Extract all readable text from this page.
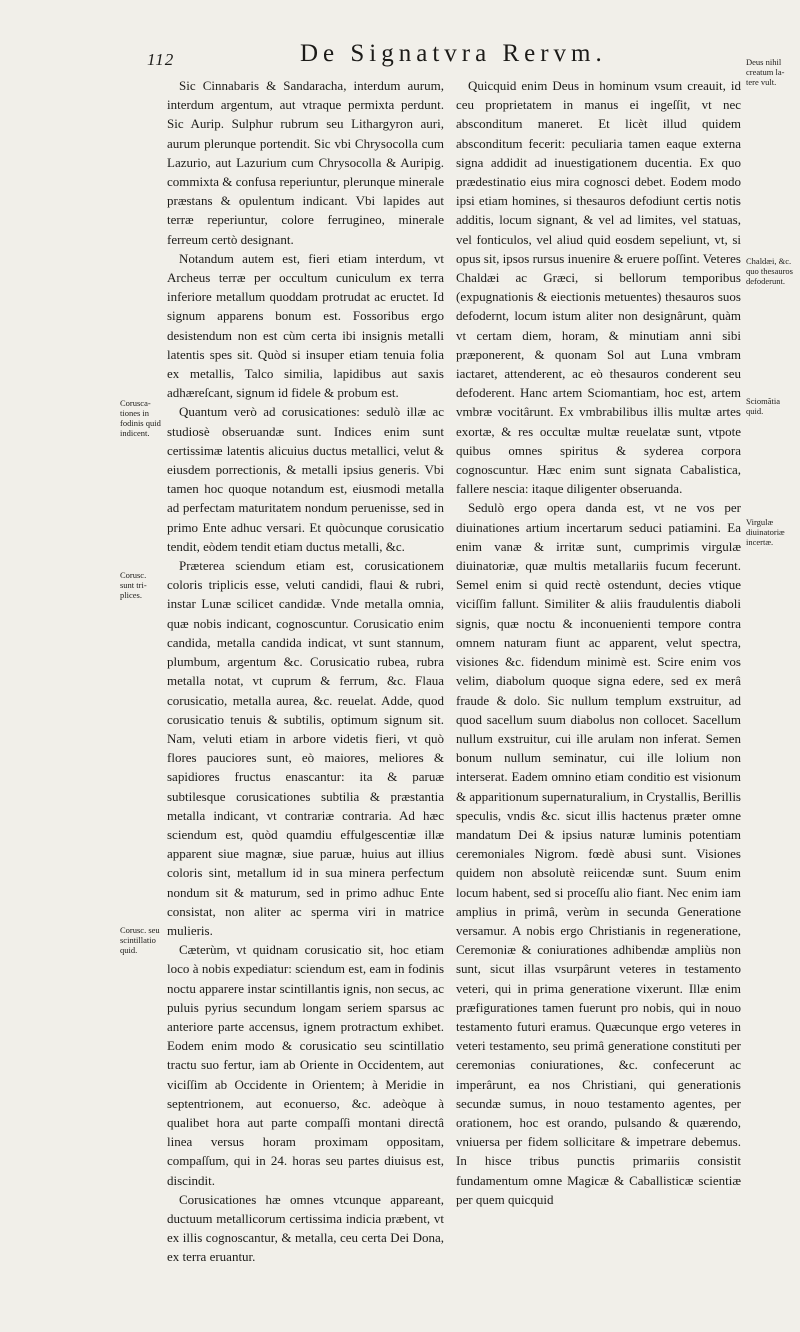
112	De Signatvra Rervm.

Sic Cinnabaris & Sandaracha, interdum aurum, interdum argentum, aut vtraque permixta perdunt. Sic Aurip. Sulphur rubrum seu Lithargyron auri, aurum plerunque portendit. Sic vbi Chrysocolla cum Lazurio, aut Lazurium cum Chrysocolla & Auripig. commixta & confusa reperiuntur, plerunque minerale præstans & opulentum indicant. Vbi lapides aut terræ reperiuntur, colore ferrugineo, minerale ferreum certò designant.

Notandum autem est, fieri etiam interdum, vt Archeus terræ per occultum cuniculum ex terra inferiore metallum quoddam protrudat ac eructet. Id signum apparens bonum est. Fossoribus ergo desistendum non est cùm certa ibi insignis metalli latentis spes sit. Quòd si insuper etiam tenuia folia ex metallis, Talco similia, lapidibus aut saxis adhæreſcant, signum id fidele & probum est.

Quantum verò ad corusicationes: sedulò illæ ac studiosè obseruandæ sunt. Indices enim sunt certissimæ latentis alicuius ductus metallici, velut & eiusdem porrectionis, & metalli ipsius generis. Vbi tamen hoc quoque notandum est, eiusmodi metalla ad perfectam maturitatem nondum peruenisse, sed in primo Ente adhuc versari. Et quòcunque corusicatio tendit, eòdem tendit etiam ductus metalli, &c.

Præterea sciendum etiam est, corusicationem coloris triplicis esse, veluti candidi, flaui & rubri, instar Lunæ scilicet candidæ. Vnde metalla omnia, quæ nobis indicant, cognoscuntur. Corusicatio enim candida, metalla candida indicat, vt sunt stannum, plumbum, argentum &c. Corusicatio rubea, rubra metalla notat, vt cuprum & ferrum, &c. Flaua corusicatio, metalla aurea, &c. reuelat. Adde, quod corusicatio tenuis & subtilis, optimum signum sit. Nam, veluti etiam in arbore videtis fieri, vt quò flores pauciores sunt, eò maiores, meliores & sapidiores fructus enascantur: ita & paruæ subtilesque corusicationes subtilia & præstantia metalla indicant, vt contrariæ contraria. Ad hæc sciendum est, quòd quamdiu effulgescentiæ illæ apparent siue magnæ, siue paruæ, huius aut illius coloris sint, metallum id in sua minera perfectum nondum sit & maturum, sed in primo adhuc Ente consistat, non aliter ac sperma viri in matrice mulieris.

Cæterùm, vt quidnam corusicatio sit, hoc etiam loco à nobis expediatur: sciendum est, eam in fodinis noctu apparere instar scintillantis ignis, non secus, ac puluis pyrius secundum longam seriem sparsus ac anteriore parte accensus, ignem protractum exhibet. Eodem enim modo & corusicatio seu scintillatio tractu suo fertur, iam ab Oriente in Occidentem, aut viciſſim ab Occidente in Orientem; à Meridie in septentrionem, aut econuerso, &c. adeòque à qualibet hora aut parte compaſſi montani directâ linea versus horam proximam oppositam, compaſſum, qui in 24. horas seu partes diuisus est, discindit.

Corusicationes hæ omnes vtcunque appareant, ductuum metallicorum certissima indicia præbent, vt ex illis cognoscantur, & metalla, ceu certa Dei Dona, ex terra eruantur.

Quicquid enim Deus in hominum vsum creauit, id ceu proprietatem in manus ei ingeſſit, vt nec absconditum maneret. Et licèt illud quidem absconditum fecerit: peculiaria tamen eaque externa signa addidit ad inuestigationem ducentia. Ex quo prædestinatio eius mira cognosci debet. Eodem modo ipsi etiam homines, si thesauros defodiunt certis notis additis, locum signant, & vel ad limites, vel statuas, vel fonticulos, vel aliud quid eosdem sepeliunt, vt, si opus sit, ipsos rursus inuenire & eruere poſſint. Veteres Chaldæi ac Græci, si bellorum temporibus (expugnationis & eiectionis metuentes) thesauros suos defodernt, locum istum aliter non designârunt, quàm vt certam diem, horam, & minutiam anni sibi præponerent, & quonam Sol aut Luna vmbram iactaret, attenderent, ac eò thesauros conderent seu defoderent. Hanc artem Sciomantiam, hoc est, artem vmbræ vocitârunt. Ex vmbrabilibus illis multæ artes exortæ, & res occultæ multæ reuelatæ sunt, vtpote quibus omnes spiritus & syderea corpora cognoscuntur. Hæc enim sunt signata Cabalistica, fallere nescia: itaque diligenter obseruanda.

Sedulò ergo opera danda est, vt ne vos per diuinationes artium incertarum seduci patiamini. Ea enim vanæ & irritæ sunt, cumprimis virgulæ diuinatoriæ, quæ multis metallariis fucum fecerunt. Semel enim si quid rectè ostendunt, decies vtique viciſſim fallunt. Similiter & aliis fraudulentis diaboli signis, quæ noctu & inconuenienti tempore contra omnem naturam fiunt ac apparent, velut spectra, visiones &c. fidendum minimè est. Scire enim vos velim, diabolum quoque signa edere, sed ex merâ fraude & dolo. Sic nullum templum exstruitur, ad quod sacellum suum diabolus non collocet. Sacellum nullum exstruitur, cui ille arulam non inferat. Semen bonum nullum seminatur, cui ille lolium non interserat. Eadem omnino etiam conditio est visionum & apparitionum supernaturalium, in Crystallis, Berillis speculis, vndis &c. sicut illis hactenus præter omne mandatum Dei & ipsius naturæ luminis potentiam ceremoniales Nigrom. fœdè abusi sunt. Visiones quidem non absolutè reiicendæ sunt. Suum enim locum habent, sed si proceſſu alio fiant. Nec enim iam amplius in primâ, verùm in secunda Generatione versamur. A nobis ergo Christianis in regeneratione, Ceremoniæ & coniurationes adhibendæ ampliùs non sunt, sicut illas vsurpârunt veteres in testamento veteri, qui in prima generatione vixerunt. Illæ enim præfigurationes tamen fuerunt pro nobis, qui in nouo testamento futuri eramus. Quæcunque ergo veteres in veteri testamento, seu primâ generatione constituti per ceremonias coniurationes, &c. confecerunt ac imperârunt, ea nos Christiani, qui generationis secundæ sumus, in nouo testamento agentes, per orationem, hoc est orando, pulsando & quærendo, vniuersa per fidem sollicitare & impetrare debemus. In hisce tribus punctis primariis consistit fundamentum omne Magicæ & Caballisticæ scientiæ per quem quicquid

Coruscationes in fodinis quid indicent.
Corusc. sunt triplices.
Corusc. seu scintillatio quid.
Deus nihil creatum latere vult.
Chaldæi, &c. quo thesauros defoderunt.
Sciomãtia quid.
Virgulæ diuinatoriæ incertæ.
